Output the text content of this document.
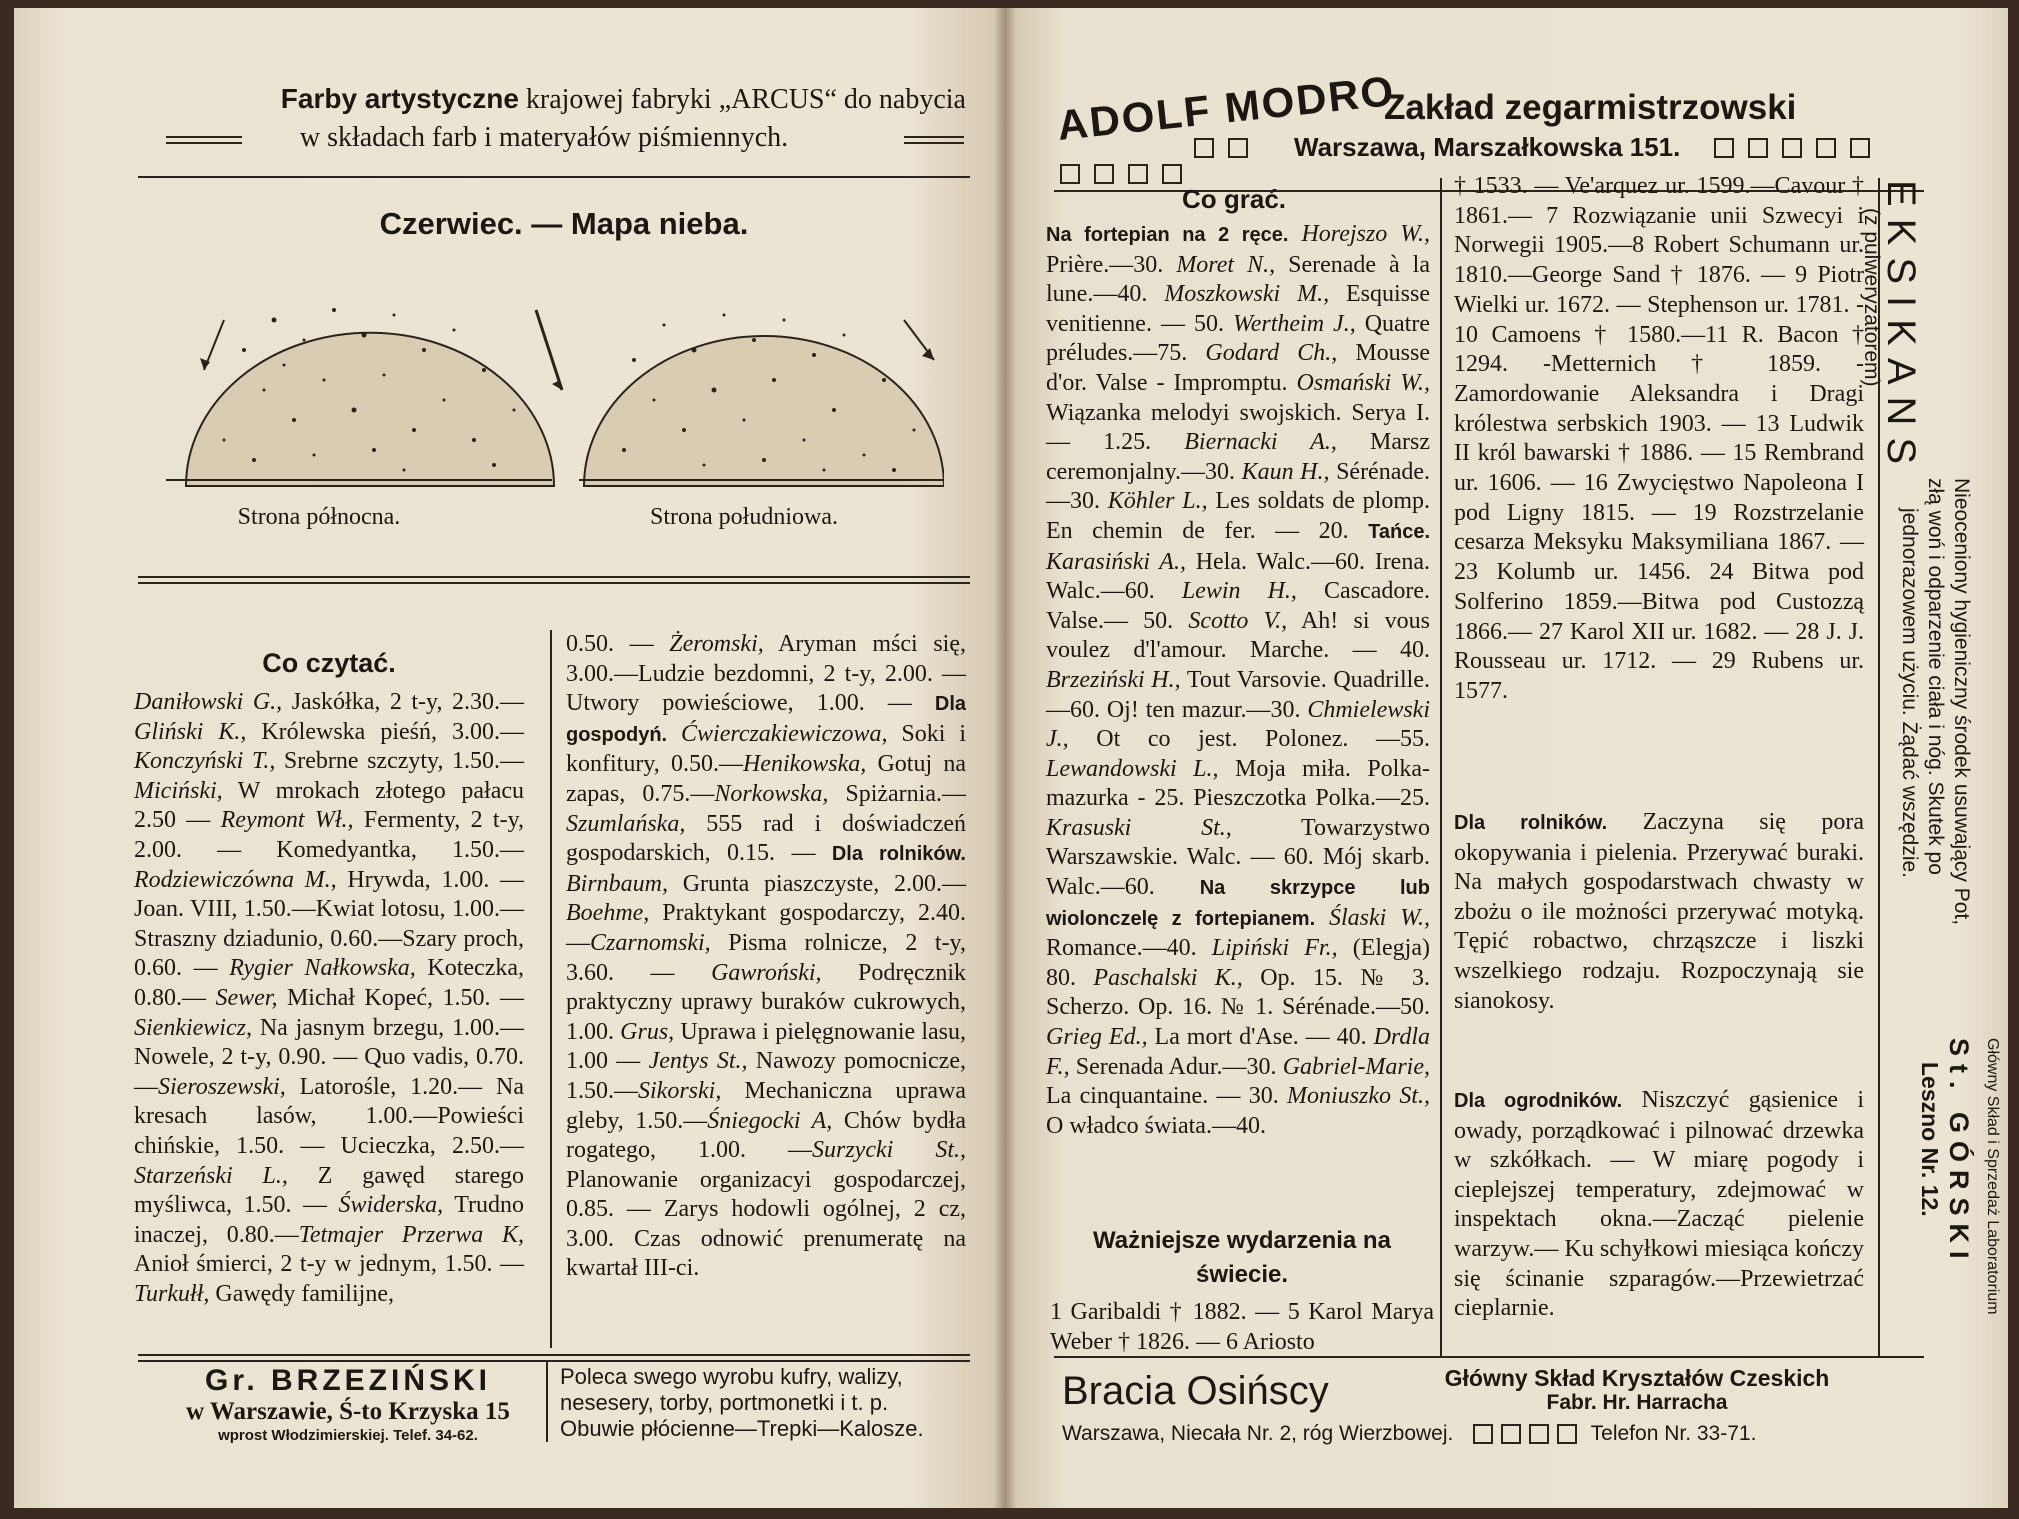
Farby artystyczne krajowej fabryki „ARCUS“ do nabycia
w składach farb i materyałów piśmiennych.
Czerwiec. — Mapa nieba.
Strona północna.	Strona południowa.
Co czytać.

Daniłowski G., Jaskółka, 2 t-y, 2.30.— Gliński K., Królewska pieśń, 3.00.—Konczyński T., Srebrne szczyty, 1.50.—Miciński, W mrokach złotego pałacu 2.50 — Reymont Wł., Fermenty, 2 t-y, 2.00. — Komedyantka, 1.50.—Rodziewiczówna M., Hrywda, 1.00. —Joan. VIII, 1.50.—Kwiat lotosu, 1.00.—Straszny dziadunio, 0.60.—Szary proch, 0.60. — Rygier Nałkowska, Koteczka, 0.80.— Sewer, Michał Kopeć, 1.50. — Sienkiewicz, Na jasnym brzegu, 1.00.— Nowele, 2 t-y, 0.90. — Quo vadis, 0.70.—Sieroszewski, Latorośle, 1.20.— Na kresach lasów, 1.00.—Powieści chińskie, 1.50. — Ucieczka, 2.50.— Starzeński L., Z gawęd starego myśliwca, 1.50. — Świderska, Trudno inaczej, 0.80.—Tetmajer Przerwa K, Anioł śmierci, 2 t-y w jednym, 1.50. — Turkułł, Gawędy familijne,

0.50. — Żeromski, Aryman mści się, 3.00.—Ludzie bezdomni, 2 t-y, 2.00. — Utwory powieściowe, 1.00. — Dla gospodyń. Ćwierczakiewiczowa, Soki i konfitury, 0.50.—Henikowska, Gotuj na zapas, 0.75.—Norkowska, Spiżarnia.— Szumlańska, 555 rad i doświadczeń gospodarskich, 0.15. — Dla rolników. Birnbaum, Grunta piaszczyste, 2.00.—Boehme, Praktykant gospodarczy, 2.40.—Czarnomski, Pisma rolnicze, 2 t-y, 3.60. — Gawroński, Podręcznik praktyczny uprawy buraków cukrowych, 1.00. Grus, Uprawa i pielęgnowanie lasu, 1.00 — Jentys St., Nawozy pomocnicze, 1.50.—Sikorski, Mechaniczna uprawa gleby, 1.50.—Śniegocki A, Chów bydła rogatego, 1.00. —Surzycki St., Planowanie organizacyi gospodarczej, 0.85. — Zarys hodowli ogólnej, 2 cz, 3.00. Czas odnowić prenumeratę na kwartał III-ci.

Gr. BRZEZIŃSKI
w Warszawie, Ś-to Krzyska 15
wprost Włodzimierskiej. Telef. 34-62.
Poleca swego wyrobu kufry, walizy,
nesesery, torby, portmonetki i t. p.
Obuwie płócienne—Trepki—Kalosze.
ADOLF MODRO
Zakład zegarmistrzowski
Warszawa, Marszałkowska 151.
Co grać.

Na fortepian na 2 ręce. Horejszo W., Prière.—30. Moret N., Serenade à la lune.—40. Moszkowski M., Esquisse venitienne. — 50. Wertheim J., Quatre préludes.—75. Godard Ch., Mousse d'or. Valse - Impromptu. Osmański W., Wiązanka melodyi swojskich. Serya I. — 1.25. Biernacki A., Marsz ceremonjalny.—30. Kaun H., Sérénade.—30. Köhler L., Les soldats de plomp. En chemin de fer. — 20. Tańce. Karasiński A., Hela. Walc.—60. Irena. Walc.—60. Lewin H., Cascadore. Valse.— 50. Scotto V., Ah! si vous voulez d'l'amour. Marche. — 40. Brzeziński H., Tout Varsovie. Quadrille.—60. Oj! ten mazur.—30. Chmielewski J., Ot co jest. Polonez. —55. Lewandowski L., Moja miła. Polka-mazurka - 25. Pieszczotka Polka.—25. Krasuski St., Towarzystwo Warszawskie. Walc. — 60. Mój skarb. Walc.—60. Na skrzypce lub wiolonczelę z fortepianem. Ślaski W., Romance.—40. Lipiński Fr., (Elegja) 80. Paschalski K., Op. 15. № 3. Scherzo. Op. 16. № 1. Sérénade.—50. Grieg Ed., La mort d'Ase. — 40. Drdla F., Serenada Adur.—30. Gabriel-Marie, La cinquantaine. — 30. Moniuszko St., O władco świata.—40.

Ważniejsze wydarzenia na świecie.
1 Garibaldi † 1882. — 5 Karol Marya Weber † 1826. — 6 Ariosto
† 1533. — Ve'arquez ur. 1599.—Cavour † 1861.— 7 Rozwiązanie unii Szwecyi i Norwegii 1905.—8 Robert Schumann ur. 1810.—George Sand † 1876. — 9 Piotr Wielki ur. 1672. — Stephenson ur. 1781. - 10 Camoens † 1580.—11 R. Bacon † 1294. -Metternich † 1859. - Zamordowanie Aleksandra i Dragi królestwa serbskich 1903. — 13 Ludwik II król bawarski † 1886. — 15 Rembrand ur. 1606. — 16 Zwycięstwo Napoleona I pod Ligny 1815. — 19 Rozstrzelanie cesarza Meksyku Maksymiliana 1867. — 23 Kolumb ur. 1456. 24 Bitwa pod Solferino 1859.—Bitwa pod Custozzą 1866.— 27 Karol XII ur. 1682. — 28 J. J. Rousseau ur. 1712. — 29 Rubens ur. 1577.
Dla rolników. Zaczyna się pora okopywania i pielenia. Przerywać buraki. Na małych gospodarstwach chwasty w zbożu o ile możności przerywać motyką. Tępić robactwo, chrząszcze i liszki wszelkiego rodzaju. Rozpoczynają sie sianokosy.
Dla ogrodników. Niszczyć gąsienice i owady, porządkować i pilnować drzewka w szkółkach. — W miarę pogody i cieplejszej temperatury, zdejmować w inspektach okna.—Zacząć pielenie warzyw.— Ku schyłkowi miesiąca kończy się ścinanie szparagów.—Przewietrzać cieplarnie.
EKSIKANS
(z pulweryzatorem)
Nieoceniony hygieniczny środek usuwający Pot,
złą woń i odparzenie ciała i nóg. Skutek po
jednorazowem użyciu. Żądać wszędzie.
Główny Skład i Sprzedaż Laboratorium
St. GÓRSKI
Leszno Nr. 12.
Bracia Osińscy	Główny Skład Kryształów Czeskich
Fabr. Hr. Harracha
Warszawa, Niecała Nr. 2, róg Wierzbowej.	Telefon Nr. 33-71.
